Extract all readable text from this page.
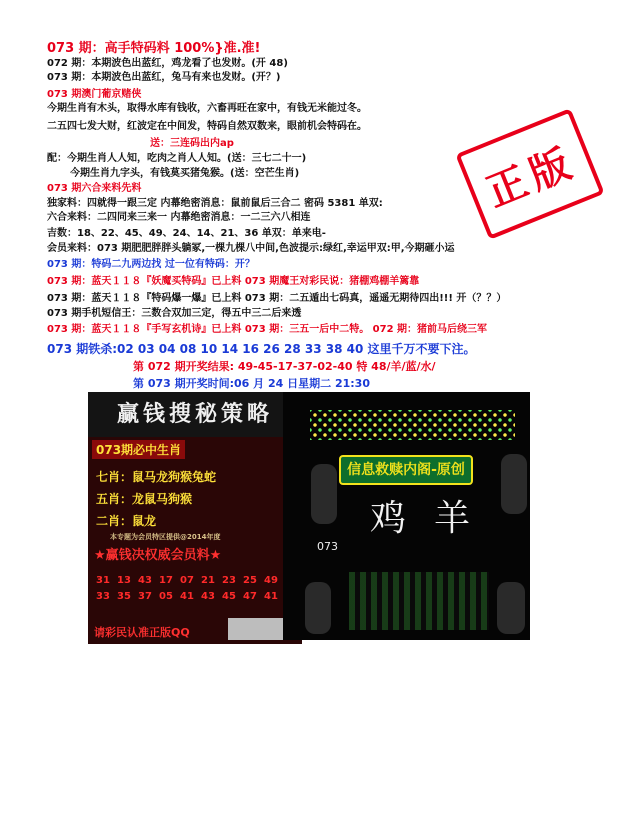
073 期：高手特码料 100%}准.准!
072 期：本期波色出蓝红，鸡龙看了也发财。(开 48)
073 期：本期波色出蓝红，兔马有来也发财。(开？)
073 期澳门葡京赌侠
今期生肖有木头，取得水库有钱收，六畜再旺在家中，有钱无米能过冬。
二五四七发大财，红波定在中间发，特码自然双数来，眼前机会特码在。
送：三连码出内ap
配：今期生肖人人知，吃肉之肖人人知。(送：三七二十一)
今期生肖九字头，有钱莫买猪兔猴。(送：空芒生肖)
073 期六合来料先料
独家料：四就得一跟三定 内幕绝密消息：鼠前鼠后三合二 密码 5381 单双:
六合来料：二四同来三来一 内幕绝密消息：一二三六八相连
吉数：18、22、45、49、24、14、21、36 单双：单来电-
会员来料：073 期肥肥胖胖头躺冢,一棵九棵八中间,色波提示:绿红,幸运甲双:甲,今期砸小运
073 期：特码二九两边找 过一位有特码：开？
073 期：蓝天１１８『妖魔买特码』已上料 073 期魔王对彩民说：猪棚鸡棚羊篱靠
073 期：蓝天１１８『特码爆一爆』已上料 073 期：二五遁出七码真，遥遥无期待四出!!! 开（？？）
073 期手机短信王：三数合双加三定，得五中三二后来透
073 期：蓝天１１８『手写玄机诗』已上料 073 期：三五一后中二特。 072 期：猪前马后绕三军
073 期铁杀:02 03 04 08 10 14 16 26 28 33 38 40 这里千万不要下注。
第 072 期开奖结果: 49-45-17-37-02-40 特 48/羊/蓝/水/
第 073 期开奖时间:06 月 24 日星期二 21:30
正版
赢钱搜秘策略
073期必中生肖
七肖：鼠马龙狗猴兔蛇
五肖：龙鼠马狗猴
二肖：鼠龙
本专题为会员特区提供@2014年度
★赢钱决权威会员料★
请彩民认准正版QQ
31 13 43 17 07 21 23 25 49
33 35 37 05 41 43 45 47 41
信息救赎内阁-原创
鸡羊
073
